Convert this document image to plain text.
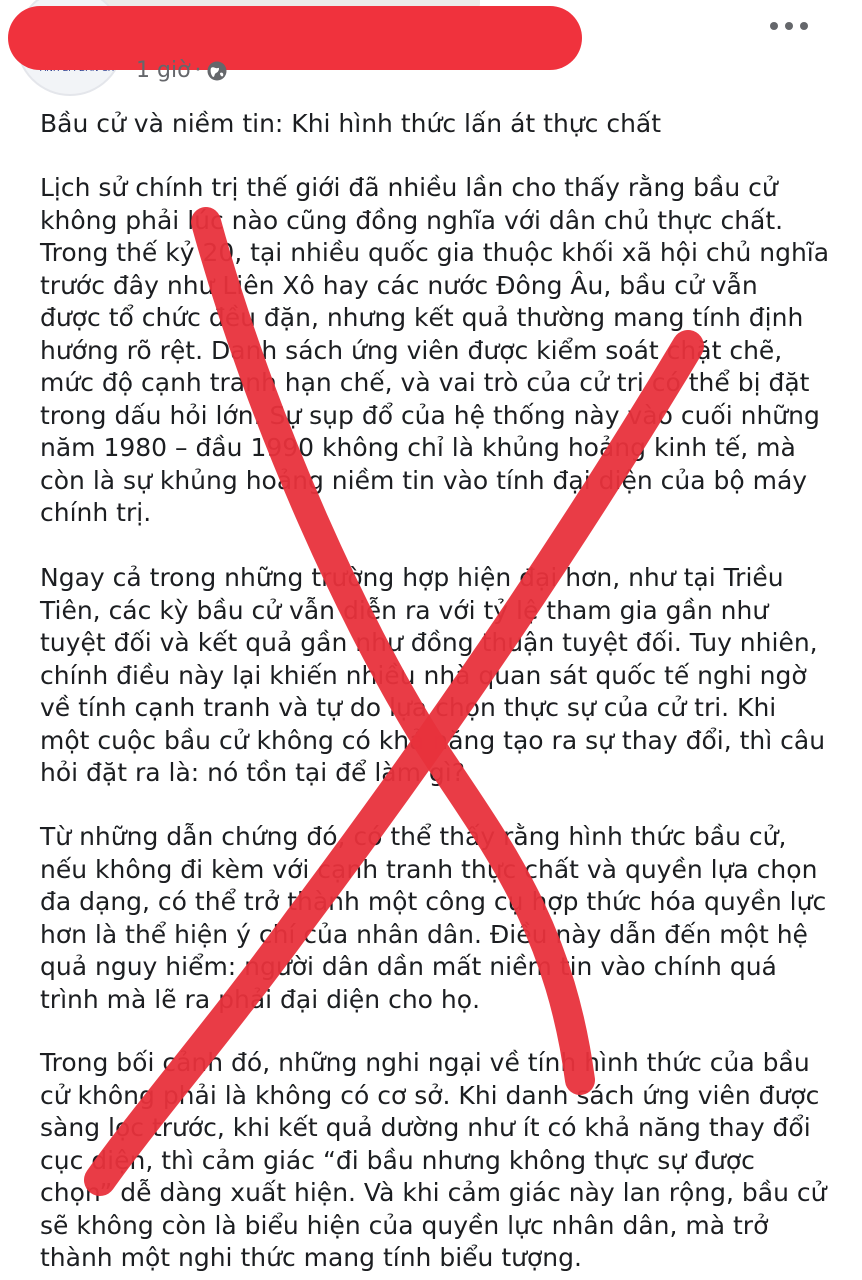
1 giờ ·
Bầu cử và niềm tin: Khi hình thức lấn át thực chất
Lịch sử chính trị thế giới đã nhiều lần cho thấy rằng bầu cử
không phải lúc nào cũng đồng nghĩa với dân chủ thực chất.
Trong thế kỷ 20, tại nhiều quốc gia thuộc khối xã hội chủ nghĩa
trước đây như Liên Xô hay các nước Đông Âu, bầu cử vẫn
được tổ chức đều đặn, nhưng kết quả thường mang tính định
hướng rõ rệt. Danh sách ứng viên được kiểm soát chặt chẽ,
mức độ cạnh tranh hạn chế, và vai trò của cử tri có thể bị đặt
trong dấu hỏi lớn. Sự sụp đổ của hệ thống này vào cuối những
năm 1980 – đầu 1990 không chỉ là khủng hoảng kinh tế, mà
còn là sự khủng hoảng niềm tin vào tính đại diện của bộ máy
chính trị.
Ngay cả trong những trường hợp hiện đại hơn, như tại Triều
Tiên, các kỳ bầu cử vẫn diễn ra với tỷ lệ tham gia gần như
tuyệt đối và kết quả gần như đồng thuận tuyệt đối. Tuy nhiên,
chính điều này lại khiến nhiều nhà quan sát quốc tế nghi ngờ
về tính cạnh tranh và tự do lựa chọn thực sự của cử tri. Khi
một cuộc bầu cử không có khả năng tạo ra sự thay đổi, thì câu
hỏi đặt ra là: nó tồn tại để làm gì?
Từ những dẫn chứng đó, có thể thấy rằng hình thức bầu cử,
nếu không đi kèm với cạnh tranh thực chất và quyền lựa chọn
đa dạng, có thể trở thành một công cụ hợp thức hóa quyền lực
hơn là thể hiện ý chí của nhân dân. Điều này dẫn đến một hệ
quả nguy hiểm: người dân dần mất niềm tin vào chính quá
trình mà lẽ ra phải đại diện cho họ.
Trong bối cảnh đó, những nghi ngại về tính hình thức của bầu
cử không phải là không có cơ sở. Khi danh sách ứng viên được
sàng lọc trước, khi kết quả dường như ít có khả năng thay đổi
cục diện, thì cảm giác “đi bầu nhưng không thực sự được
chọn” dễ dàng xuất hiện. Và khi cảm giác này lan rộng, bầu cử
sẽ không còn là biểu hiện của quyền lực nhân dân, mà trở
thành một nghi thức mang tính biểu tượng.
